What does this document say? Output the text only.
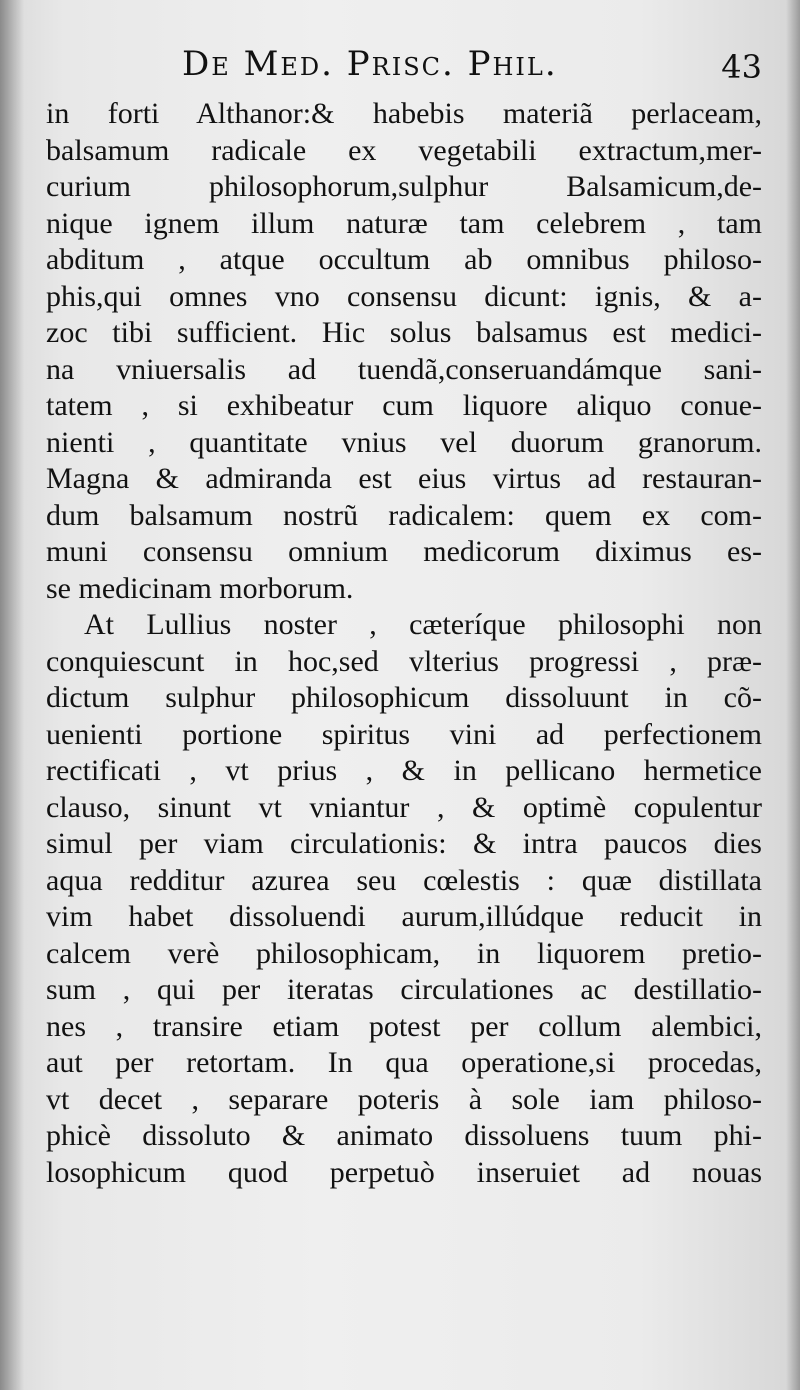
De Med. Prisc. Phil.	43
in forti Althanor:& habebis materiã perlaceam,
balsamum radicale ex vegetabili extractum,mer-
curium philosophorum,sulphur Balsamicum,de-
nique ignem illum naturæ tam celebrem , tam
abditum , atque occultum ab omnibus philoso-
phis,qui omnes vno consensu dicunt: ignis, & a-
zoc tibi sufficient. Hic solus balsamus est medici-
na vniuersalis ad tuendã,conseruandámque sani-
tatem , si exhibeatur cum liquore aliquo conue-
nienti , quantitate vnius vel duorum granorum.
Magna & admiranda est eius virtus ad restauran-
dum balsamum nostrũ radicalem: quem ex com-
muni consensu omnium medicorum diximus es-
se medicinam morborum.
At Lullius noster , cæteríque philosophi non
conquiescunt in hoc,sed vlterius progressi , præ-
dictum sulphur philosophicum dissoluunt in cõ-
uenienti portione spiritus vini ad perfectionem
rectificati , vt prius , & in pellicano hermetice
clauso, sinunt vt vniantur , & optimè copulentur
simul per viam circulationis: & intra paucos dies
aqua redditur azurea seu cœlestis : quæ distillata
vim habet dissoluendi aurum,illúdque reducit in
calcem verè philosophicam, in liquorem pretio-
sum , qui per iteratas circulationes ac destillatio-
nes , transire etiam potest per collum alembici,
aut per retortam. In qua operatione,si procedas,
vt decet , separare poteris à sole iam philoso-
phicè dissoluto & animato dissoluens tuum phi-
losophicum quod perpetuò inseruiet ad nouas
